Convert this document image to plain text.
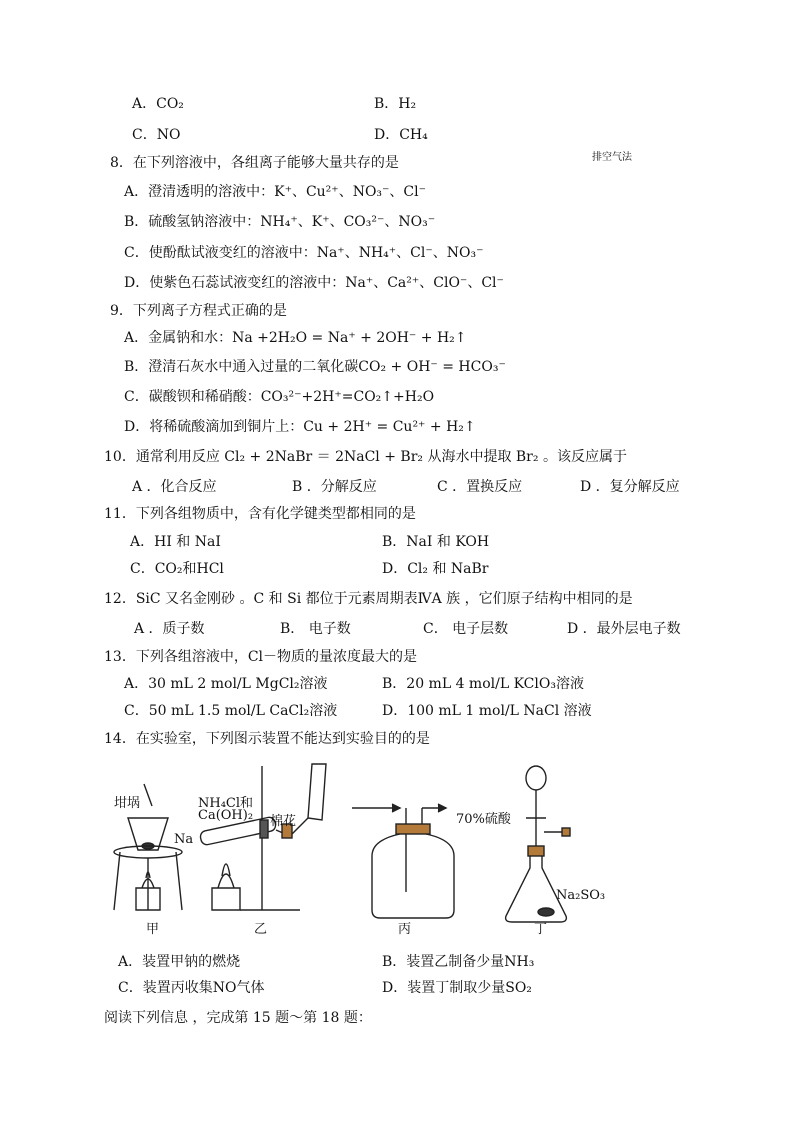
A．CO₂	B．H₂
C．NO	D．CH₄
排空气法
8．在下列溶液中，各组离子能够大量共存的是
A．澄清透明的溶液中：K⁺、Cu²⁺、NO₃⁻、Cl⁻
B．硫酸氢钠溶液中：NH₄⁺、K⁺、CO₃²⁻、NO₃⁻
C．使酚酞试液变红的溶液中：Na⁺、NH₄⁺、Cl⁻、NO₃⁻
D．使紫色石蕊试液变红的溶液中：Na⁺、Ca²⁺、ClO⁻、Cl⁻
9．下列离子方程式正确的是
A．金属钠和水：Na +2H₂O = Na⁺ + 2OH⁻ + H₂↑
B．澄清石灰水中通入过量的二氧化碳CO₂ + OH⁻ = HCO₃⁻
C．碳酸钡和稀硝酸：CO₃²⁻+2H⁺=CO₂↑+H₂O
D．将稀硫酸滴加到铜片上：Cu + 2H⁺ = Cu²⁺ + H₂↑
10．通常利用反应 Cl₂ + 2NaBr ＝ 2NaCl + Br₂ 从海水中提取 Br₂ 。该反应属于
A ．化合反应	B ．分解反应	C ．置换反应	D ．复分解反应
11．下列各组物质中，含有化学键类型都相同的是
A．HI 和 NaI	B．NaI 和 KOH
C．CO₂和HCl	D．Cl₂ 和 NaBr
12．SiC 又名金刚砂 。C 和 Si 都位于元素周期表ⅣA 族 ，它们原子结构中相同的是
A ．质子数	B． 电子数	C． 电子层数	D ．最外层电子数
13．下列各组溶液中，Cl－物质的量浓度最大的是
A．30 mL 2 mol/L MgCl₂溶液	B．20 mL 4 mol/L KClO₃溶液
C．50 mL 1.5 mol/L CaCl₂溶液	D．100 mL 1 mol/L NaCl 溶液
14．在实验室，下列图示装置不能达到实验目的的是
坩埚
Na
NH₄Cl和
Ca(OH)₂ 棉花	70%硫酸
Na₂SO₃
甲	乙	丙	丁
A．装置甲钠的燃烧	B．装置乙制备少量NH₃
C．装置丙收集NO气体	D．装置丁制取少量SO₂
阅读下列信息 ，完成第 15 题～第 18 题：
